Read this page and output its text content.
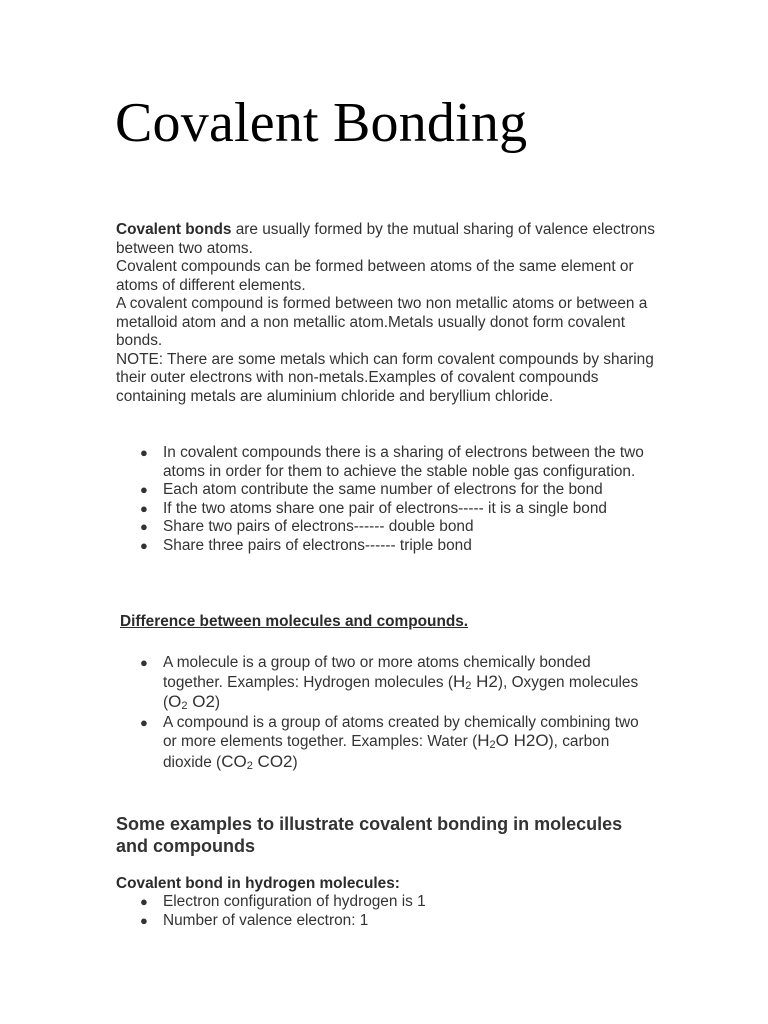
Covalent Bonding

Covalent bonds are usually formed by the mutual sharing of valence electrons between two atoms.

Covalent compounds can be formed between atoms of the same element or atoms of different elements.

A covalent compound is formed between two non metallic atoms or between a metalloid atom and a non metallic atom.Metals usually donot form covalent bonds.

NOTE: There are some metals which can form covalent compounds by sharing their outer electrons with non-metals.Examples of covalent compounds containing metals are aluminium chloride and beryllium chloride.

● In covalent compounds there is a sharing of electrons between the two atoms in order for them to achieve the stable noble gas configuration.
● Each atom contribute the same number of electrons for the bond
● If the two atoms share one pair of electrons----- it is a single bond
● Share two pairs of electrons------ double bond
● Share three pairs of electrons------ triple bond
Difference between molecules and compounds.
● A molecule is a group of two or more atoms chemically bonded together. Examples: Hydrogen molecules ($H_2$ H2), Oxygen molecules ($O_2$ O2)
● A compound is a group of atoms created by chemically combining two or more elements together. Examples: Water ($H_2O$ H2O), carbon dioxide ($CO_2$ CO2)
Some examples to illustrate covalent bonding in molecules and compounds
Covalent bond in hydrogen molecules:
● Electron configuration of hydrogen is 1
● Number of valence electron: 1
